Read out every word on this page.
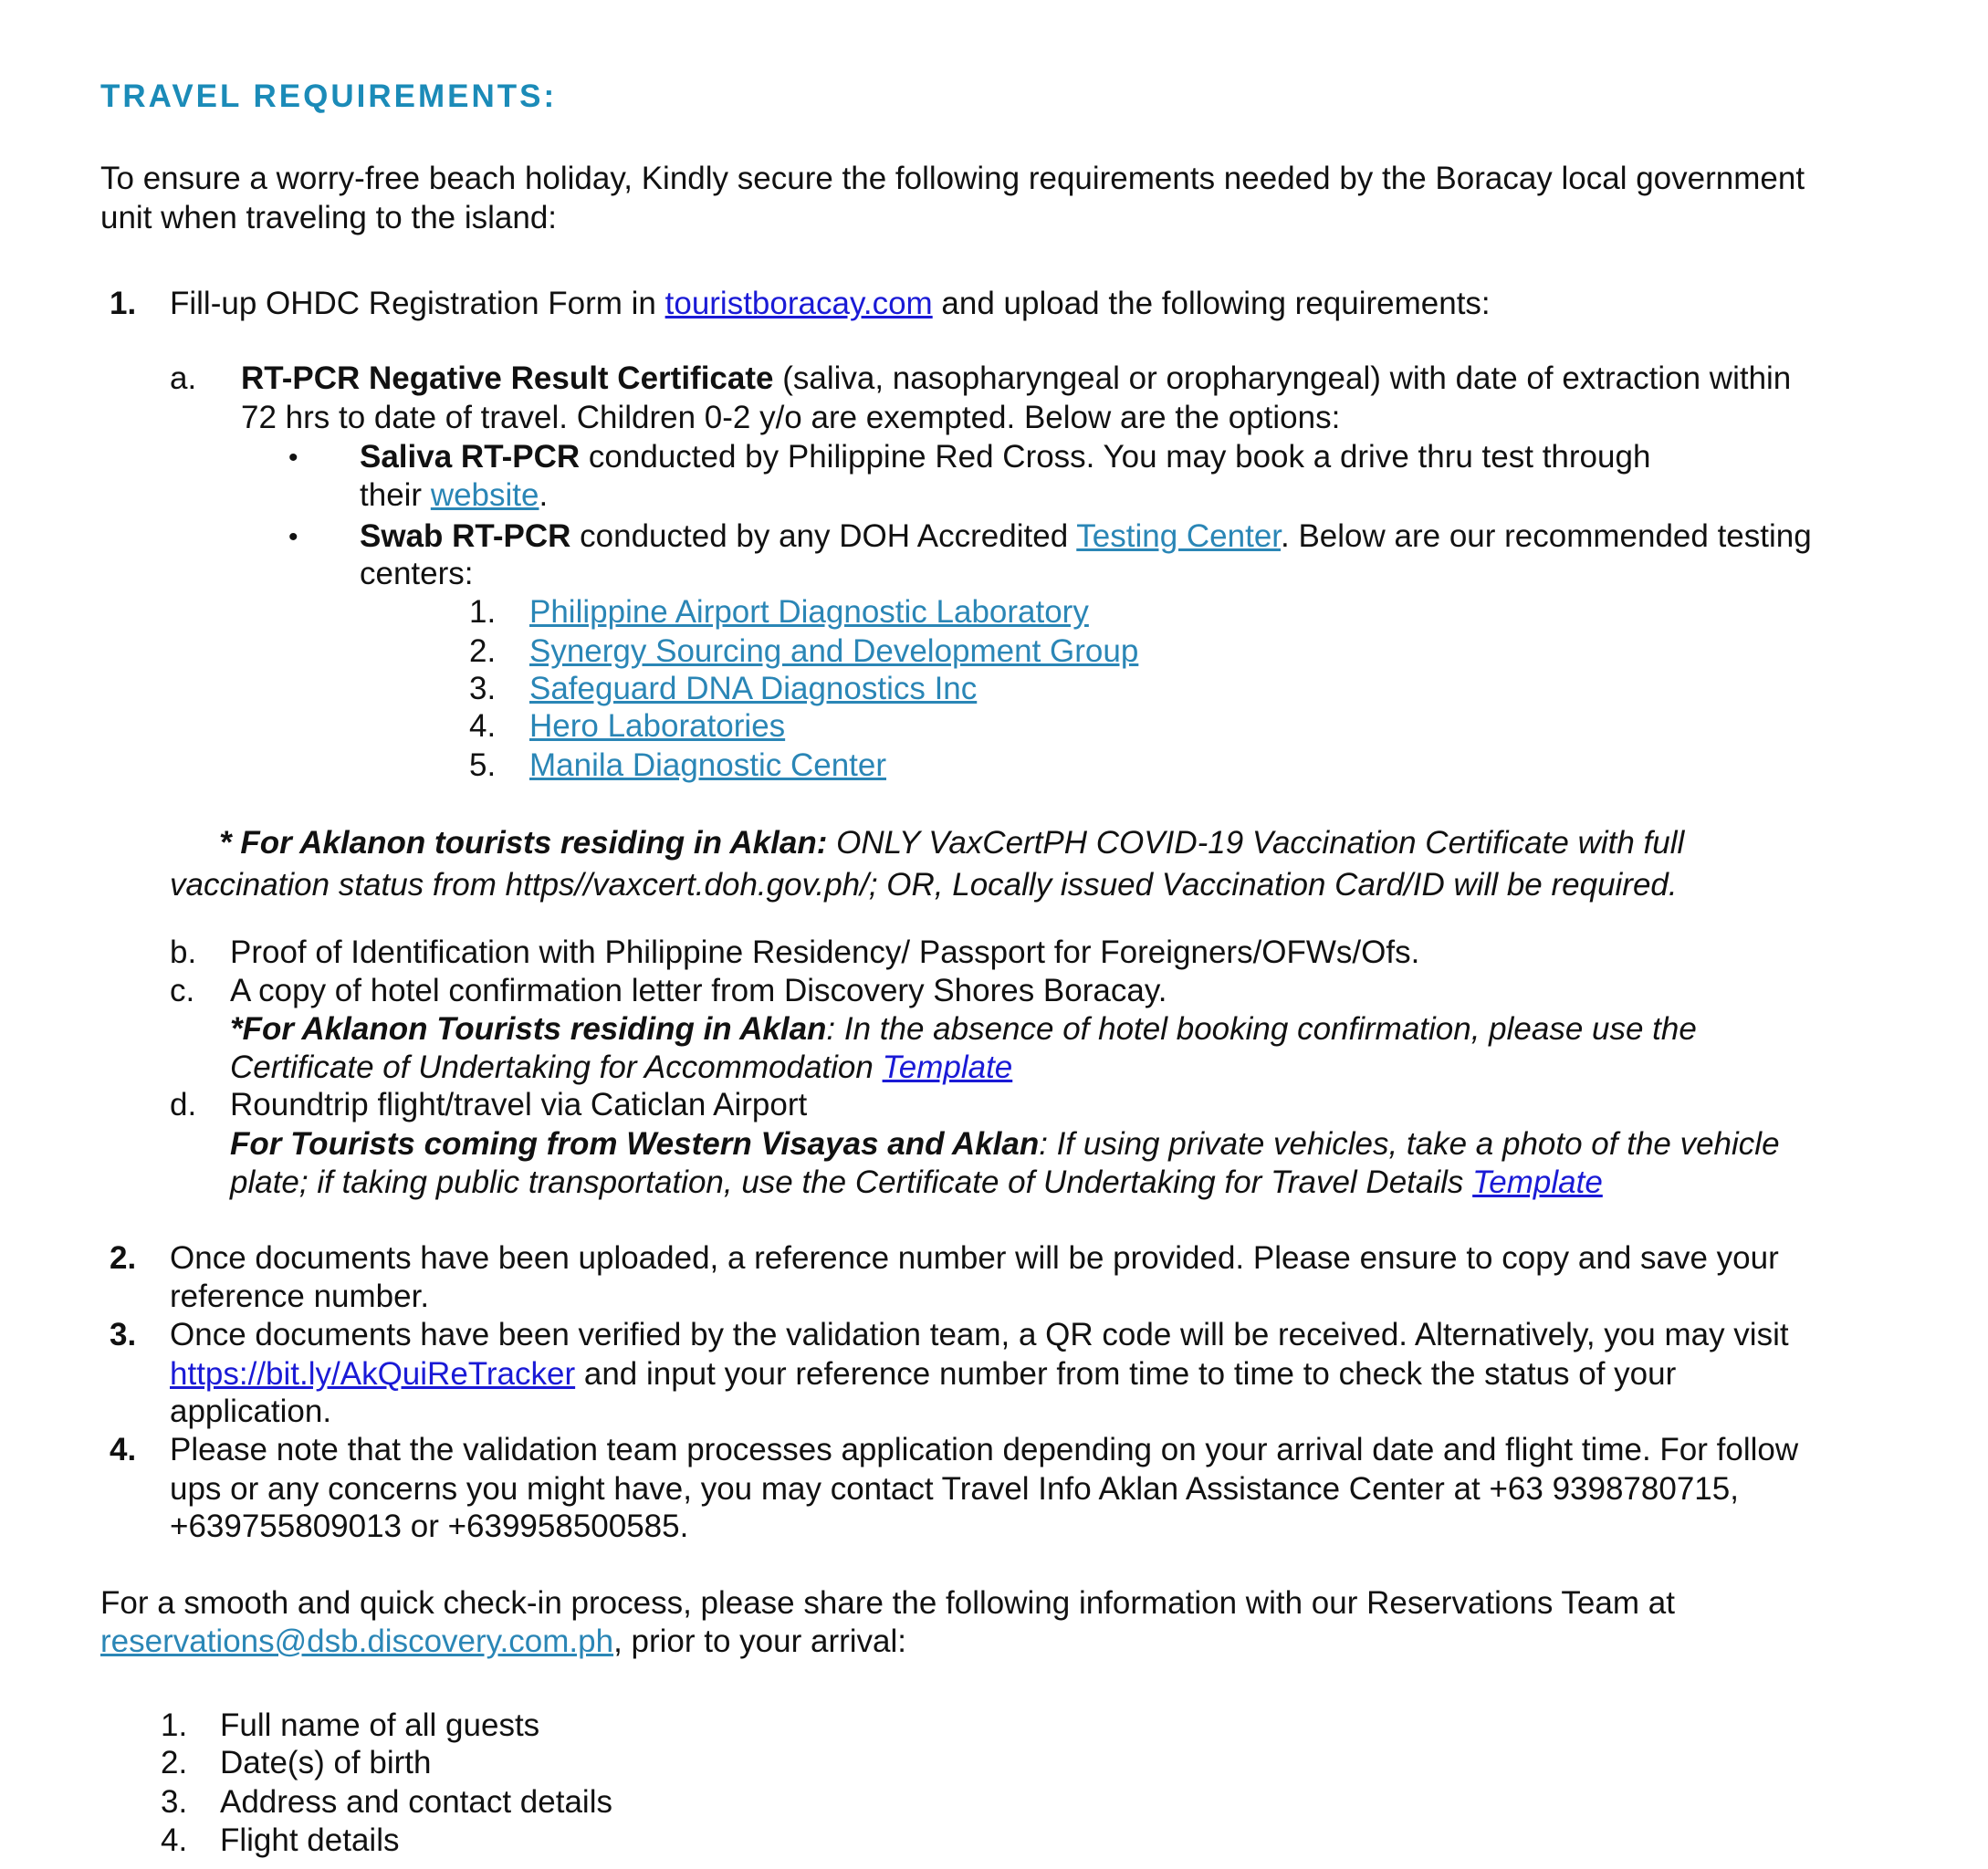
TRAVEL REQUIREMENTS:
To ensure a worry-free beach holiday, Kindly secure the following requirements needed by the Boracay local government
unit when traveling to the island:
1. Fill-up OHDC Registration Form in touristboracay.com and upload the following requirements:
a. RT-PCR Negative Result Certificate (saliva, nasopharyngeal or oropharyngeal) with date of extraction within
72 hrs to date of travel. Children 0-2 y/o are exempted. Below are the options:
• Saliva RT-PCR conducted by Philippine Red Cross. You may book a drive thru test through
their website.
• Swab RT-PCR conducted by any DOH Accredited Testing Center. Below are our recommended testing
centers:
1. Philippine Airport Diagnostic Laboratory
2. Synergy Sourcing and Development Group
3. Safeguard DNA Diagnostics Inc
4. Hero Laboratories
5. Manila Diagnostic Center
* For Aklanon tourists residing in Aklan: ONLY VaxCertPH COVID-19 Vaccination Certificate with full
vaccination status from https//vaxcert.doh.gov.ph/; OR, Locally issued Vaccination Card/ID will be required.
b. Proof of Identification with Philippine Residency/ Passport for Foreigners/OFWs/Ofs.
c. A copy of hotel confirmation letter from Discovery Shores Boracay.
*For Aklanon Tourists residing in Aklan: In the absence of hotel booking confirmation, please use the
Certificate of Undertaking for Accommodation Template
d. Roundtrip flight/travel via Caticlan Airport
For Tourists coming from Western Visayas and Aklan: If using private vehicles, take a photo of the vehicle
plate; if taking public transportation, use the Certificate of Undertaking for Travel Details Template
2. Once documents have been uploaded, a reference number will be provided. Please ensure to copy and save your
reference number.
3. Once documents have been verified by the validation team, a QR code will be received. Alternatively, you may visit
https://bit.ly/AkQuiReTracker and input your reference number from time to time to check the status of your
application.
4. Please note that the validation team processes application depending on your arrival date and flight time. For follow
ups or any concerns you might have, you may contact Travel Info Aklan Assistance Center at +63 9398780715,
+639755809013 or +639958500585.
For a smooth and quick check-in process, please share the following information with our Reservations Team at
reservations@dsb.discovery.com.ph, prior to your arrival:
1. Full name of all guests
2. Date(s) of birth
3. Address and contact details
4. Flight details
